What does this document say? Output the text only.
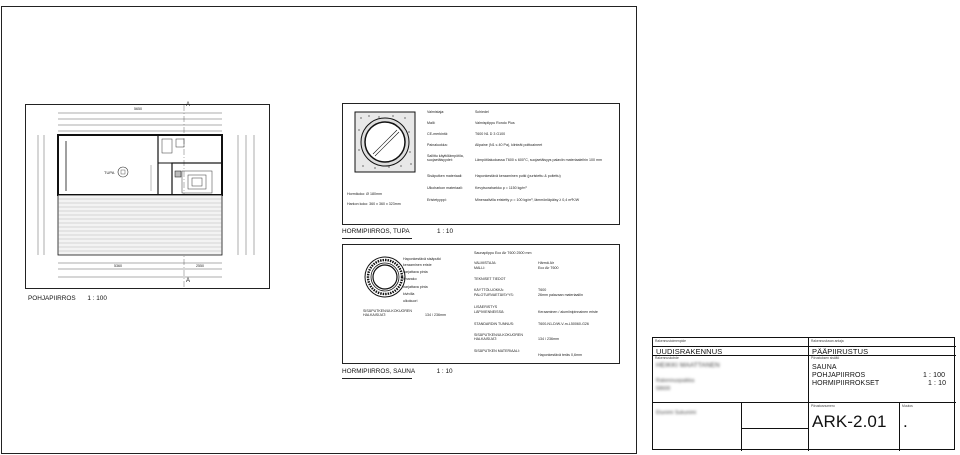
5650
TUPA
5360	2550
A
A
POHJAPIIRROS 1 : 100
Hormikoko: Ø 180mm
Harkon koko: 360 x 360 x 323mm
Valmistaja:	Schiedel
Malli:	Valmispiippu Rondo Plus
CE-merkintä:	T600 N1 D 3 G100
Painaluokka:	Alipaine (N1 ≤ 40 Pa), kiinteät polttoaineet
Sallittu käyttölämpötila, suojaetäisyydet:	Lämpötilaluokassa T600 ≤ 600°C, suojaetäisyys palaviin materiaaleihin 100 mm
Sisäputken materiaali:	Haponkestävä keraaminen putki (puristettu & poltettu)
Ulkoharkon materiaali:	Kevytsoraharkko ρ = 1150 kg/m³
Eristetyyppi:	Mineraalivilla eristetty ρ = 100 kg/m³, lämmönläpäisy λ 0,4 m²K/W
HORMIPIIRROS, TUPA	1 : 10
Haponkestävä sisäputki
keraaminen eriste
harjattava pinta
ilmarako
harjattava pinta
kivivilla
ulkokuori
SISÄPUTKEN/ULKOKUOREN HALKAISIJAT:	134 / 236mm
Saunapiippu Eco Air T600 2500 mm
VALMISTAJA:	Härmä Air
MALLI:	Eco Air T600
TEKNISET TIEDOT
KÄYTTÖLUOKKA:	T600
PALOTURVAETÄISYYS:	26mm palavaan materiaaliin
LISÄERISTYS
LÄPIVIENNEISSÄ:	Keraaminen / alumiinipinnainen eriste
STANDARDIN TUNNUS:	T600-N1-D/W-V-m-L50060-G26
SISÄPUTKEN/ULKOKUOREN HALKAISIJAT:	134 / 236mm
SISÄPUTKEN MATERIAALI:
Haponkestävä teräs 0,6mm
HORMIPIIRROS, SAUNA	1 : 10
Rakennustoimenpide
UUDISRAKENNUS
Rakennuskohde
HEIKKI MAATTANEN
Rakennuspaikka
58600
Etunimi Sukunimi
Rakennusluvan antaja
PÄÄPIIRUSTUS
Piirustuksen sisältö
SAUNA
POHJAPIIRROS	1 : 100
HORMIPIIRROKSET	1 : 10
Piirustusnumero	Muutos
ARK-2.01 .
